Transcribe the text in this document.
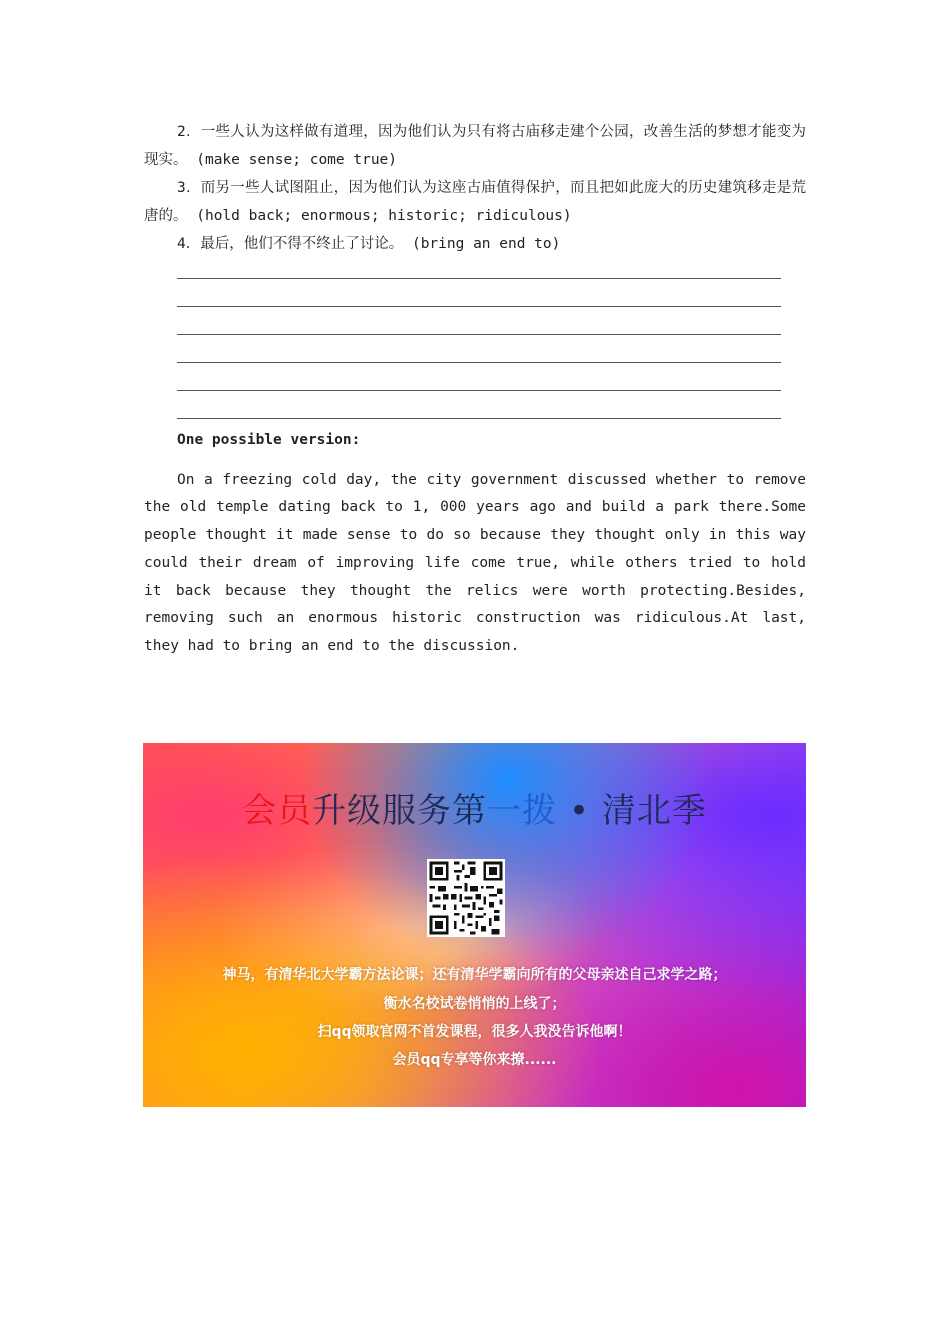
2．一些人认为这样做有道理，因为他们认为只有将古庙移走建个公园，改善生活的梦想才能变为现实。 (make sense; come true)

3．而另一些人试图阻止，因为他们认为这座古庙值得保护，而且把如此庞大的历史建筑移走是荒唐的。 (hold back; enormous; historic; ridiculous)

4．最后，他们不得不终止了讨论。 (bring an end to)

One possible version:

On a freezing cold day, the city government discussed whether to remove the old temple dating back to 1, 000 years ago and build a park there.Some people thought it made sense to do so because they thought only in this way could their dream of improving life come true, while others tried to hold it back because they thought the relics were worth protecting.Besides, removing such an enormous historic construction was ridiculous.At last, they had to bring an end to the discussion.

会员升级服务第一拨 • 清北季
神马，有清华北大学霸方法论课；还有清华学霸向所有的父母亲述自己求学之路；
衡水名校试卷悄悄的上线了；
扫qq领取官网不首发课程，很多人我没告诉他啊！
会员qq专享等你来撩......
